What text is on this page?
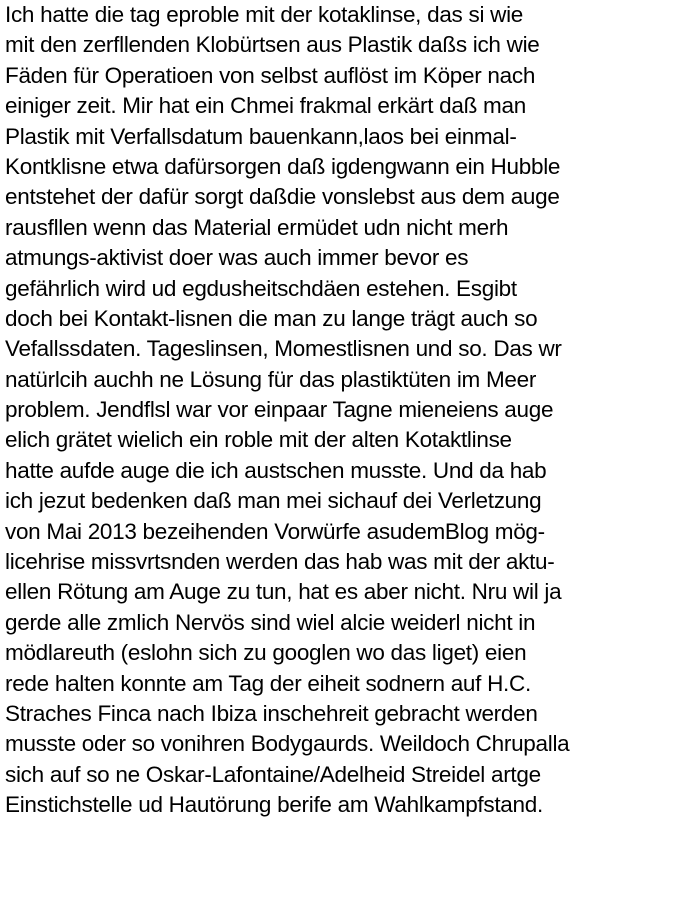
Ich hatte die tag eproble mit der kotaklinse, das si wie
mit den zerfllenden Klobürtsen aus Plastik daßs ich wie
Fäden für Operatioen von selbst auflöst im Köper nach
einiger zeit. Mir hat ein Chmei frakmal erkärt daß man
Plastik mit Verfallsdatum bauenkann,laos bei einmal-
Kontklisne etwa dafürsorgen daß igdengwann ein Hubble
entstehet der dafür sorgt daßdie vonslebst aus dem auge
rausfllen wenn das Material ermüdet udn nicht merh
atmungs-aktivist doer was auch immer bevor es
gefährlich wird ud egdusheitschdäen estehen. Esgibt
doch bei Kontakt-lisnen die man zu lange trägt auch so
Vefallssdaten. Tageslinsen, Momestlisnen und so. Das wr
natürlcih auchh ne Lösung für das plastiktüten im Meer
problem. Jendflsl war vor einpaar Tagne mieneiens auge
elich grätet wielich ein roble mit der alten Kotaktlinse
hatte aufde auge die ich austschen musste. Und da hab
ich jezut bedenken daß man mei sichauf dei Verletzung
von Mai 2013 bezeihenden Vorwürfe asudemBlog mög-
licehrise missvrtsnden werden das hab was mit der aktu-
ellen Rötung am Auge zu tun, hat es aber nicht. Nru wil ja
gerde alle zmlich Nervös sind wiel alcie weiderl nicht in
mödlareuth (eslohn sich zu googlen wo das liget) eien
rede halten konnte am Tag der eiheit sodnern auf H.C.
Straches Finca nach Ibiza inschehreit gebracht werden
musste oder so vonihren Bodygaurds. Weildoch Chrupalla
sich auf so ne Oskar-Lafontaine/Adelheid Streidel artge
Einstichstelle ud Hautörung berife am Wahlkampfstand.
